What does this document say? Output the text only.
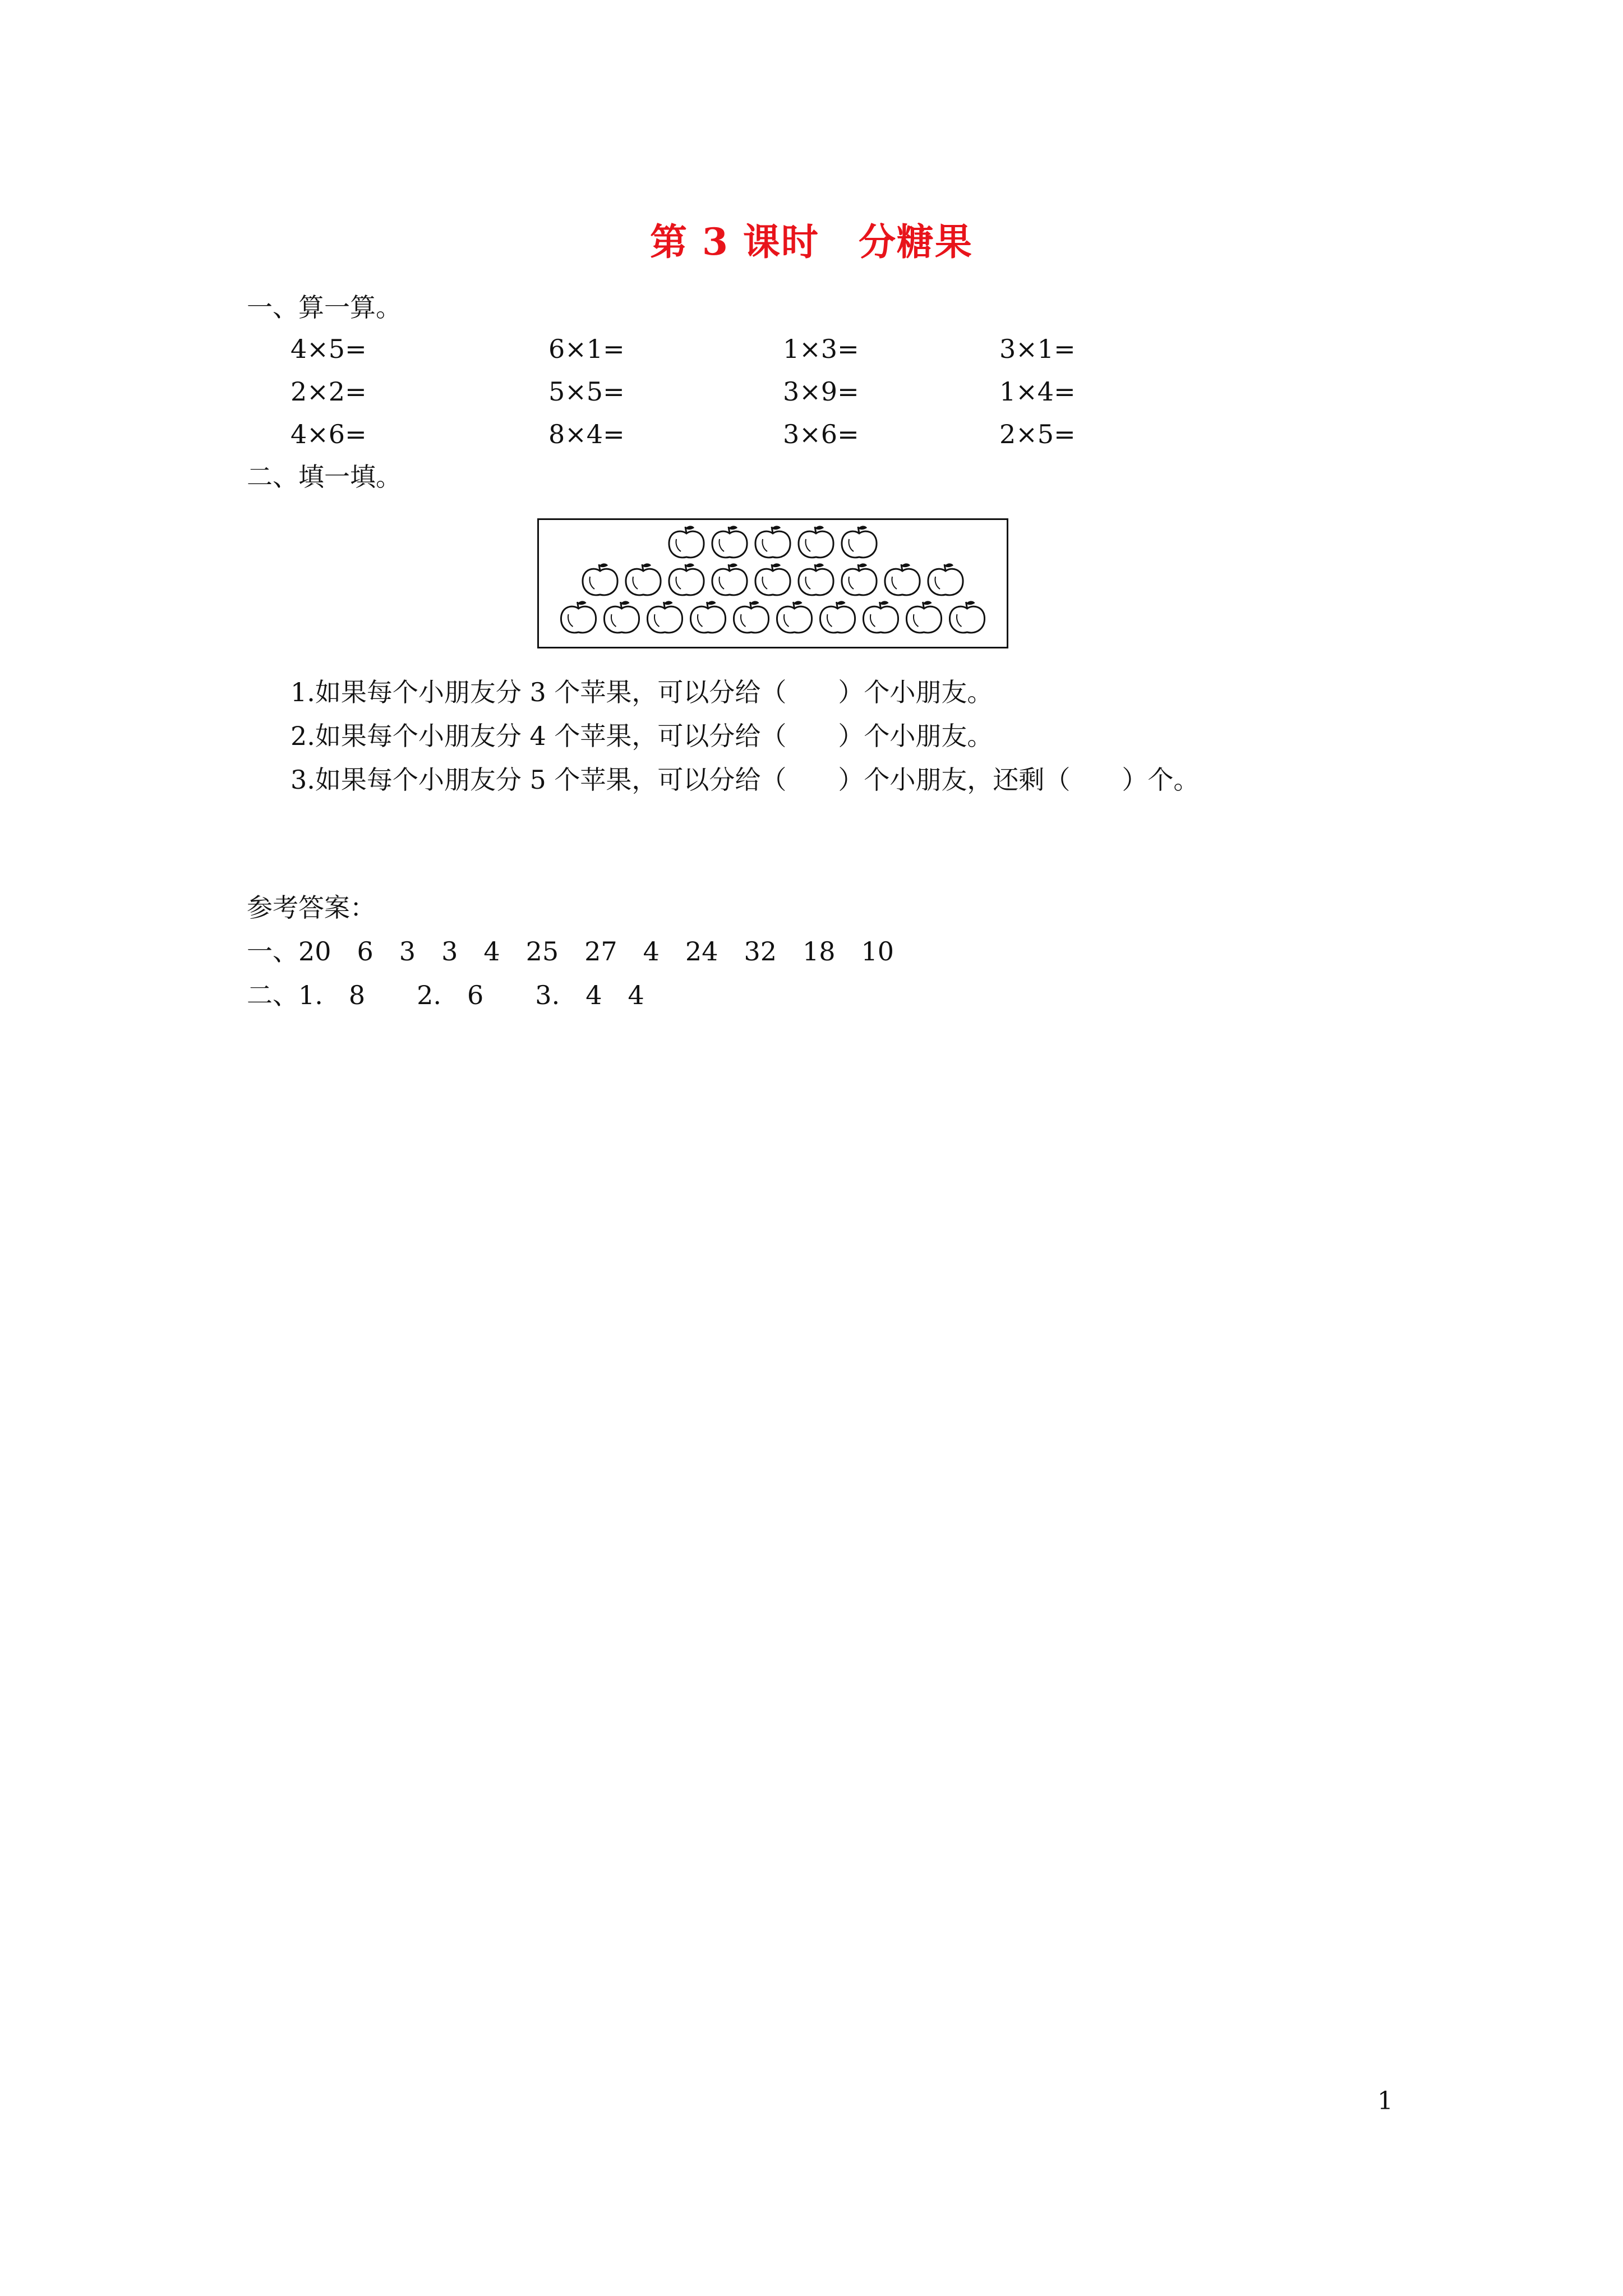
第 3 课时 分糖果
一、算一算。
4×5=	6×1=	1×3=	3×1=
2×2=	5×5=	3×9=	1×4=
4×6=	8×4=	3×6=	2×5=
二、填一填。
1.如果每个小朋友分 3 个苹果，可以分给（　　）个小朋友。
2.如果每个小朋友分 4 个苹果，可以分给（　　）个小朋友。
3.如果每个小朋友分 5 个苹果，可以分给（　　）个小朋友，还剩（　　）个。
参考答案：
一、20　6　3　3　4　25　27　4　24　32　18　10
二、1.　8　　2.　6　　3.　4　4
1
